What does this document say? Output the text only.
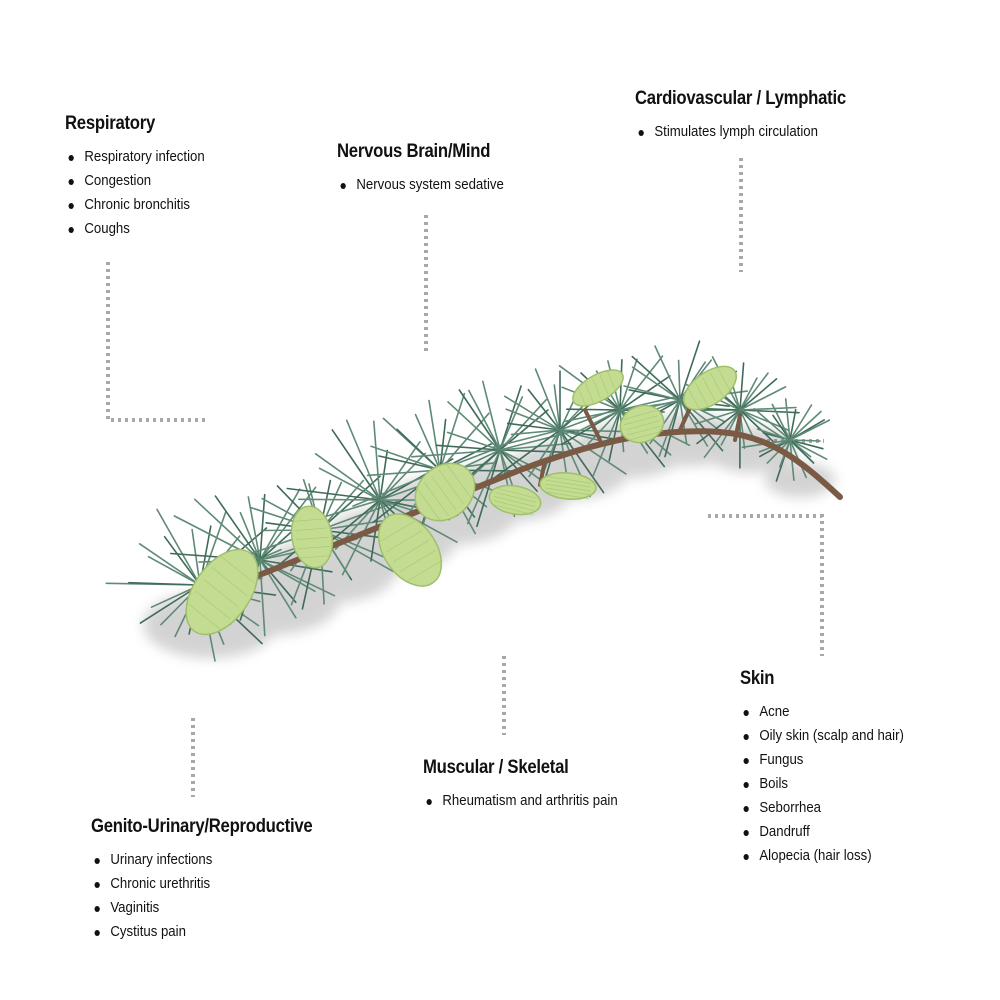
Respiratory
Respiratory infection
Congestion
Chronic bronchitis
Coughs
Nervous Brain/Mind
Nervous system sedative
Cardiovascular / Lymphatic
Stimulates lymph circulation
Skin
Acne
Oily skin (scalp and hair)
Fungus
Boils
Seborrhea
Dandruff
Alopecia (hair loss)
Muscular / Skeletal
Rheumatism and arthritis pain
Genito-Urinary/Reproductive
Urinary infections
Chronic urethritis
Vaginitis
Cystitus pain
